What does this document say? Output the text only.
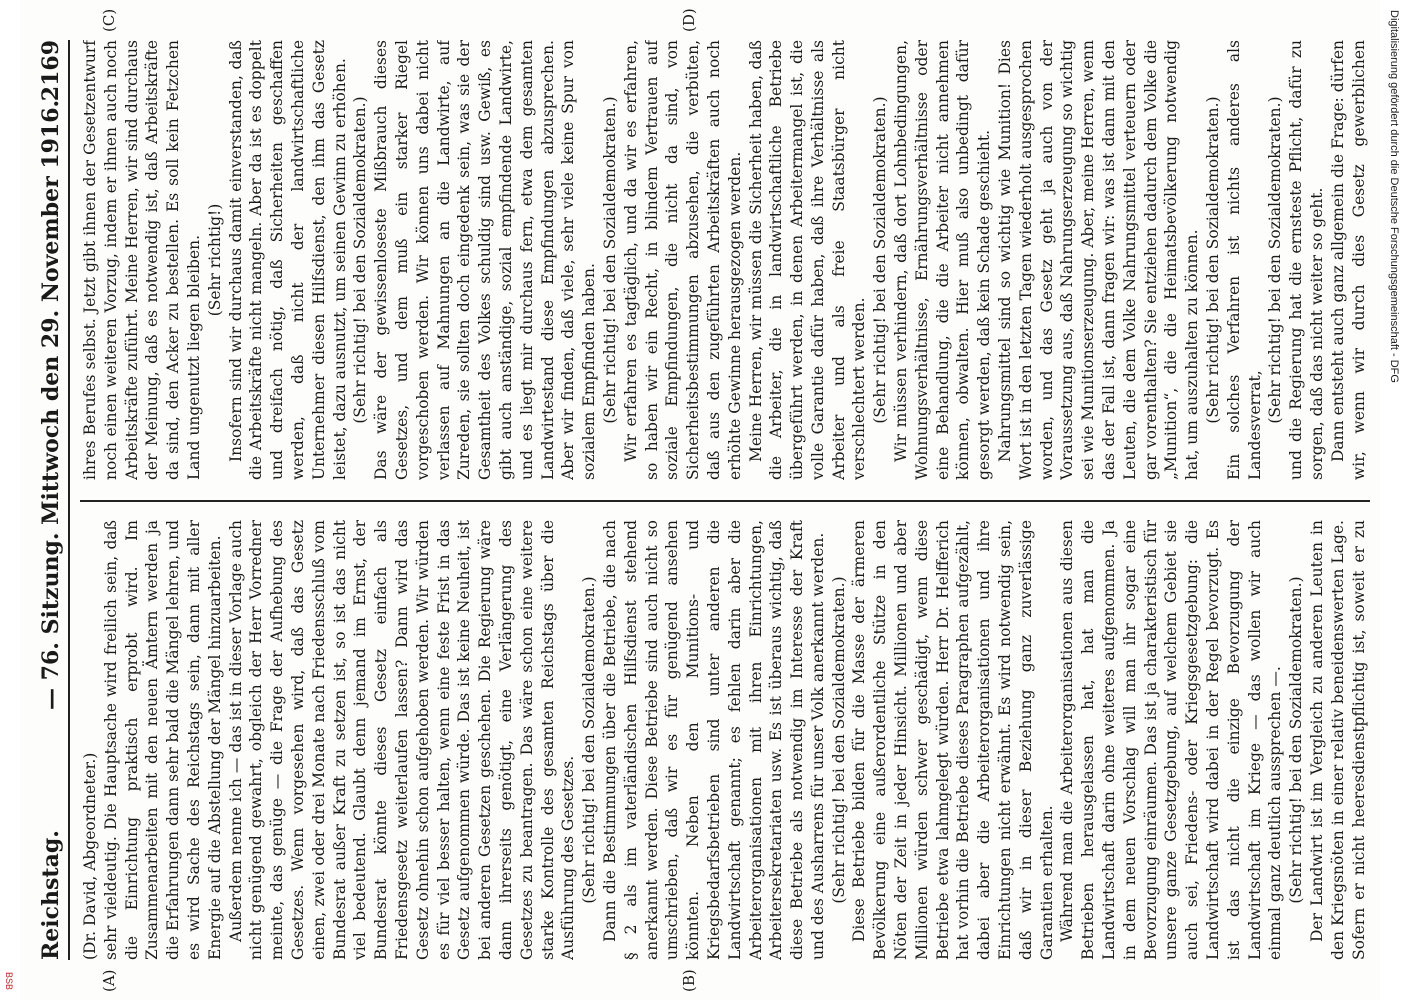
Reichstag.
— 76. Sitzung. Mittwoch den 29. November 1916.
2169
(A)	(B)
(C)	(D)
(Dr. David, Abgeordneter.) sehr vieldeutig. Die Hauptsache wird freilich sein, daß die Einrichtung praktisch erprobt wird. Im Zusammenarbeiten mit den neuen Ämtern werden ja die Erfahrungen dann sehr bald die Mängel lehren, und es wird Sache des Reichstags sein, dann mit aller Energie auf die Abstellung der Mängel hinzuarbeiten. Außerdem nenne ich — das ist in dieser Vorlage auch nicht genügend gewahrt, obgleich der Herr Vorredner meinte, das genüge — die Frage der Aufhebung des Gesetzes. Wenn vorgesehen wird, daß das Gesetz einen, zwei oder drei Monate nach Friedensschluß vom Bundesrat außer Kraft zu setzen ist, so ist das nicht viel bedeutend. Glaubt denn jemand im Ernst, der Bundesrat könnte dieses Gesetz einfach als Friedensgesetz weiterlaufen lassen? Dann wird das Gesetz ohnehin schon aufgehoben werden. Wir würden es für viel besser halten, wenn eine feste Frist in das Gesetz aufgenommen würde. Das ist keine Neuheit, ist bei anderen Gesetzen geschehen. Die Regierung wäre dann ihrerseits genötigt, eine Verlängerung des Gesetzes zu beantragen. Das wäre schon eine weitere starke Kontrolle des gesamten Reichstags über die Ausführung des Gesetzes. (Sehr richtig! bei den Sozialdemokraten.) Dann die Bestimmungen über die Betriebe, die nach § 2 als im vaterländischen Hilfsdienst stehend anerkannt werden. Diese Betriebe sind auch nicht so umschrieben, daß wir es für genügend ansehen könnten. Neben den Munitions- und Kriegsbedarfsbetrieben sind unter anderen die Landwirtschaft genannt; es fehlen darin aber die Arbeiterorganisationen mit ihren Einrichtungen, Arbeitersekretariaten usw. Es ist überaus wichtig, daß diese Betriebe als notwendig im Interesse der Kraft und des Ausharrens für unser Volk anerkannt werden. (Sehr richtig! bei den Sozialdemokraten.) Diese Betriebe bilden für die Masse der ärmeren Bevölkerung eine außerordentliche Stütze in den Nöten der Zeit in jeder Hinsicht. Millionen und aber Millionen würden schwer geschädigt, wenn diese Betriebe etwa lahmgelegt würden. Herr Dr. Helfferich hat vorhin die Betriebe dieses Paragraphen aufgezählt, dabei aber die Arbeiterorganisationen und ihre Einrichtungen nicht erwähnt. Es wird notwendig sein, daß wir in dieser Beziehung ganz zuverlässige Garantien erhalten. Während man die Arbeiterorganisationen aus diesen Betrieben herausgelassen hat, hat man die Landwirtschaft darin ohne weiteres aufgenommen. Ja in dem neuen Vorschlag will man ihr sogar eine Bevorzugung einräumen. Das ist ja charakteristisch für unsere ganze Gesetzgebung, auf welchem Gebiet sie auch sei, Friedens- oder Kriegsgesetzgebung: die Landwirtschaft wird dabei in der Regel bevorzugt. Es ist das nicht die einzige Bevorzugung der Landwirtschaft im Kriege — das wollen wir auch einmal ganz deutlich aussprechen —. (Sehr richtig! bei den Sozialdemokraten.)

Der Landwirt ist im Vergleich zu anderen Leuten in den Kriegsnöten in einer relativ beneidenswerten Lage. Sofern er nicht heeresdienstpflichtig ist, soweit er zu

ihres Berufes selbst. Jetzt gibt ihnen der Gesetzentwurf noch einen weiteren Vorzug, indem er ihnen auch noch Arbeitskräfte zuführt. Meine Herren, wir sind durchaus der Meinung, daß es notwendig ist, daß Arbeitskräfte da sind, den Acker zu bestellen. Es soll kein Fetzchen Land ungenutzt liegen bleiben. (Sehr richtig!) Insofern sind wir durchaus damit einverstanden, daß die Arbeitskräfte nicht mangeln. Aber da ist es doppelt und dreifach nötig, daß Sicherheiten geschaffen werden, daß nicht der landwirtschaftliche Unternehmer diesen Hilfsdienst, den ihm das Gesetz leistet, dazu ausnutzt, um seinen Gewinn zu erhöhen. (Sehr richtig! bei den Sozialdemokraten.) Das wäre der gewissenloseste Mißbrauch dieses Gesetzes, und dem muß ein starker Riegel vorgeschoben werden. Wir können uns dabei nicht verlassen auf Mahnungen an die Landwirte, auf Zureden, sie sollten doch eingedenk sein, was sie der Gesamtheit des Volkes schuldig sind usw. Gewiß, es gibt auch anständige, sozial empfindende Landwirte, und es liegt mir durchaus fern, etwa dem gesamten Landwirtestand diese Empfindungen abzusprechen. Aber wir finden, daß viele, sehr viele keine Spur von sozialem Empfinden haben. (Sehr richtig! bei den Sozialdemokraten.) Wir erfahren es tagtäglich, und da wir es erfahren, so haben wir ein Recht, in blindem Vertrauen auf soziale Empfindungen, die nicht da sind, von Sicherheitsbestimmungen abzusehen, die verbüten, daß aus den zugeführten Arbeitskräften auch noch erhöhte Gewinne herausgezogen werden. Meine Herren, wir müssen die Sicherheit haben, daß die Arbeiter, die in landwirtschaftliche Betriebe übergeführt werden, in denen Arbeitermangel ist, die volle Garantie dafür haben, daß ihre Verhältnisse als Arbeiter und als freie Staatsbürger nicht verschlechtert werden. (Sehr richtig! bei den Sozialdemokraten.) Wir müssen verhindern, daß dort Lohnbedingungen, Wohnungsverhältnisse, Ernährungsverhältnisse oder eine Behandlung, die die Arbeiter nicht annehmen können, obwalten. Hier muß also unbedingt dafür gesorgt werden, daß kein Schade geschieht. Nahrungsmittel sind so wichtig wie Munition! Dies Wort ist in den letzten Tagen wiederholt ausgesprochen worden, und das Gesetz geht ja auch von der Voraussetzung aus, daß Nahrungserzeugung so wichtig sei wie Munitionserzeugung. Aber, meine Herren, wenn das der Fall ist, dann fragen wir: was ist dann mit den Leuten, die dem Volke Nahrungsmittel verteuern oder gar vorenthalten? Sie entziehen dadurch dem Volke die „Munition“, die die Heimatsbevölkerung notwendig hat, um auszuhalten zu können. (Sehr richtig! bei den Sozialdemokraten.) Ein solches Verfahren ist nichts anderes als Landesverrat,

(Sehr richtig! bei den Sozialdemokraten.) und die Regierung hat die ernsteste Pflicht, dafür zu sorgen, daß das nicht weiter so geht. Dann entsteht auch ganz allgemein die Frage: dürfen wir, wenn wir durch dies Gesetz gewerblichen	Digitalisierung gefördert durch die Deutsche Forschungsgemeinschaft - DFG
BSB
